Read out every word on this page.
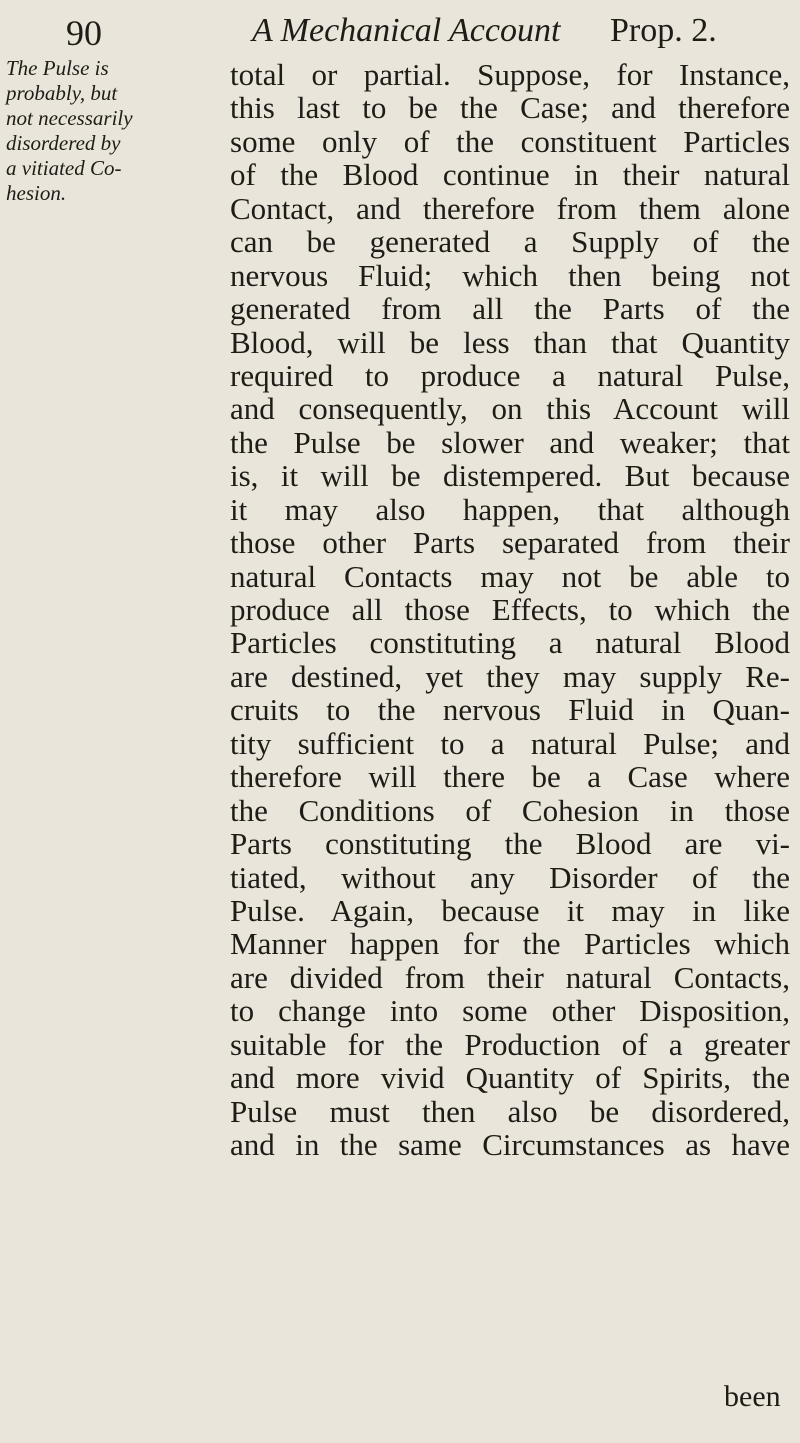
90	A Mechanical Account Prop. 2.
The Pulse is
probably, but
not necessarily
disordered by
a vitiated Co-
hesion.
total or partial. Suppose, for Instance,
this last to be the Case; and therefore
some only of the constituent Particles
of the Blood continue in their natural
Contact, and therefore from them alone
can be generated a Supply of the
nervous Fluid; which then being not
generated from all the Parts of the
Blood, will be less than that Quantity
required to produce a natural Pulse,
and consequently, on this Account will
the Pulse be slower and weaker; that
is, it will be distempered. But because
it may also happen, that although
those other Parts separated from their
natural Contacts may not be able to
produce all those Effects, to which the
Particles constituting a natural Blood
are destined, yet they may supply Re-
cruits to the nervous Fluid in Quan-
tity sufficient to a natural Pulse; and
therefore will there be a Case where
the Conditions of Cohesion in those
Parts constituting the Blood are vi-
tiated, without any Disorder of the
Pulse. Again, because it may in like
Manner happen for the Particles which
are divided from their natural Contacts,
to change into some other Disposition,
suitable for the Production of a greater
and more vivid Quantity of Spirits, the
Pulse must then also be disordered,
and in the same Circumstances as have
been
